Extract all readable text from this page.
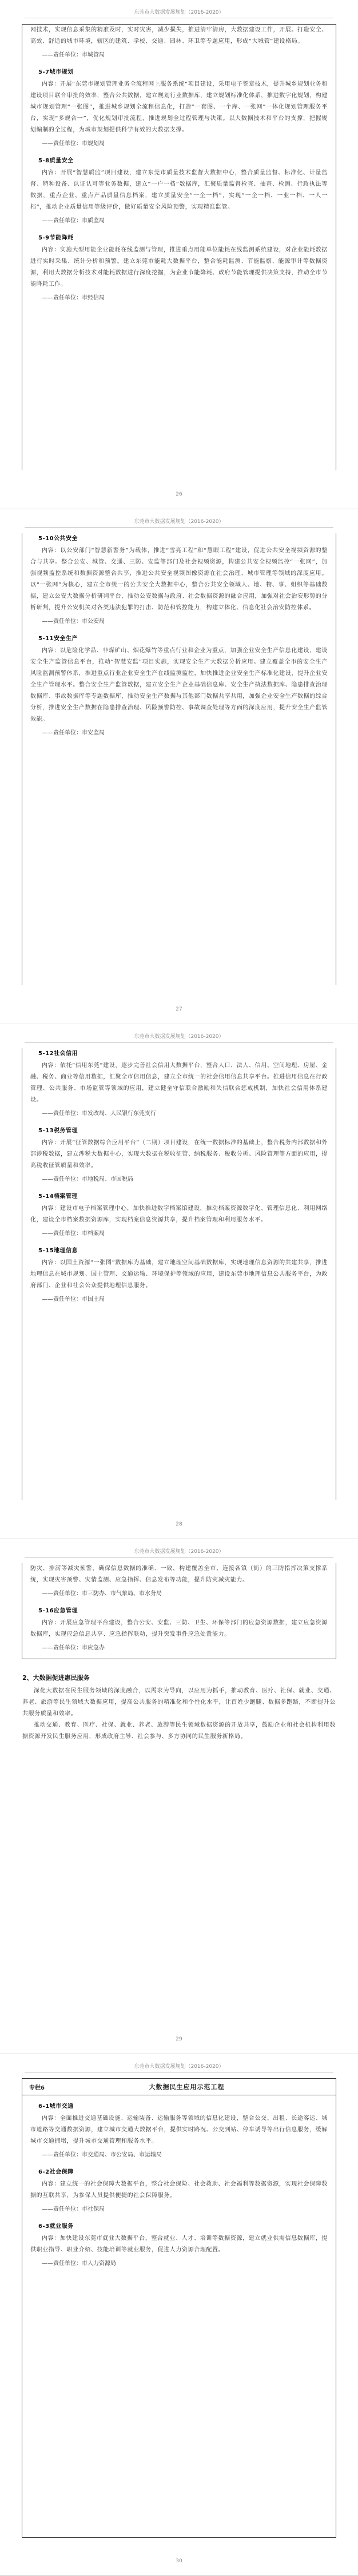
东莞市大数据发展规划（2016-2020）

网技术，实现信息采集的精准及时，实时灾害，减少损失，推进清牢清房，大数据建设工作，开展。打造安全、高效、舒适的城市环境，辖区的建筑、学校、交通、园林、环卫等专题应用，形成“大城管”建设格局。

——责任单位：市城管局
5-7城市规划

内容：开展“东莞市规划管理业务全流程网上服务系统”项目建设，采用电子签章技术，提升城乡规划业务和建设项目联合审批的效率，整合公共数据，建立规划行业数据库，建立规划标准化体系，推进数字化规划，构建城市规划管理“一张图”，推进城乡规划全流程信息化，打造“一套图、一个库、一张网”一体化规划管理服务平台，实现“多规合一”，优化规划审批流程，推进规划全过程管理与决策。以大数据技术和平台的支撑，把握规划编制的全过程，为城市规划提供科学有效的大数据支撑。

——责任单位：市规划局
5-8质量安全

内容：开展“智慧质监”项目建设，建立东莞市质量技术监督大数据中心，整合质量监督、标准化、计量监督、特种设备、认证认可等业务数据，建立“一户一档”数据库，汇聚质量监督检查、抽查、检测、行政执法等数据，重点企业、重点产品质量信息档案，建立质量安全“一企一档”，实现“一企一档、一业一档、一人一档”，推动企业质量信用等级评价，做好质量安全风险预警，实现精准监管。

——责任单位：市质监局
5-9节能降耗

内容：实施大型用能企业能耗在线监测与管理，推进重点用能单位能耗在线监测系统建设，对企业能耗数据进行实时采集、统计分析和预警。建立东莞市能耗大数据平台，整合能耗监测、节能监察、能源审计等数据资源，利用大数据分析技术对能耗数据进行深度挖掘，为企业节能降耗、政府节能管理提供决策支持，推动全市节能降耗工作。

——责任单位：市经信局
26
东莞市大数据发展规划（2016-2020）
5-10公共安全

内容：以公安部门“智慧新警务”为载体，推进“雪亮工程”和“慧眼工程”建设，促进公共安全视频资源的整合与共享。整合公安、城管、交通、三防、安监等部门及社会视频资源，构建公共安全视频监控“一张网”，加强视频监控系统和数据资源整合共享，推进公共安全视频图像资源在社会治理、城市管理等领域的深度应用。以“一张网”为核心，建立全市统一的公共安全大数据中心，整合公共安全领域人、地、物、事、组织等基础数据，建立公安大数据分析研判平台，推动公安数据与政府、社会数据资源的融合应用，加强对社会治安形势的分析研判，提升公安机关对各类违法犯罪的打击、防范和管控能力，构建立体化、信息化社会治安防控体系。

——责任单位：市公安局
5-11安全生产

内容：以危险化学品、非煤矿山、烟花爆竹等重点行业和企业为重点，加强企业安全生产信息化建设，建设安全生产监管信息平台，推动“智慧安监”项目实施，实现安全生产大数据分析应用。建立覆盖全市的安全生产风险监测预警体系，推进重点行业企业安全生产在线监测监控，加快推进企业安全生产标准化建设，提升企业安全生产管理水平。整合安全生产监管数据，建立安全生产企业基础信息库、安全生产执法数据库、隐患排查治理数据库、事故数据库等专题数据库，推动安全生产数据与其他部门数据共享共用，加强企业安全生产数据的综合分析，推进安全生产数据在隐患排查治理、风险预警防控、事故调查处理等方面的深度应用，提升安全生产监管效能。

——责任单位：市安监局
27
东莞市大数据发展规划（2016-2020）
5-12社会信用

内容：依托“信用东莞”建设，逐步完善社会信用大数据平台，整合人口、法人、信用、空间地理、房屋、金融、税务、商业等信用数据，汇聚全市信用信息，建立全市统一的社会信用信息共享平台。推进信用信息在行政管理、公共服务、市场监管等领域的应用，建立健全守信联合激励和失信联合惩戒机制，加快社会信用体系建设。

——责任单位：市发改局、人民银行东莞支行
5-13税务管理

内容：开展“征管数据综合应用平台”（二期）项目建设，在统一数据标准的基础上，整合税务内部数据和外部涉税数据，建立涉税大数据中心，实现大数据在税收征管、纳税服务、税收分析、风险管理等方面的应用，提高税收征管质量和效率。

——责任单位：市地税局、市国税局
5-14档案管理

内容：建设市电子档案管理中心，加快推进数字档案馆建设，推动档案资源数字化、管理信息化、利用网络化，建设全市档案数据资源库，实现档案信息资源共享，提升档案管理和利用服务水平。

——责任单位：市档案局
5-15地理信息

内容：以国土资源“一张图”数据库为基础，建立地理空间基础数据库，实现地理信息资源的共建共享，推进地理信息在城市规划、国土管理、交通运输、环境保护等领域的应用，建设东莞市地理信息公共服务平台，为政府部门、企业和社会公众提供地理信息服务。

——责任单位：市国土局
28
东莞市大数据发展规划（2016-2020）

防灾、排涝等减灾预警，确保信息数据的准确、一致，构建覆盖全市、连接各镇（街）的三防指挥决策支撑系统，实现灾害预警、灾情监测、应急指挥、信息发布等功能，提升防灾减灾能力。

——责任单位：市三防办、市气象局、市水务局
5-16应急管理

内容：开展应急管理平台建设，整合公安、安监、三防、卫生、环保等部门的应急资源数据，建立应急资源数据库，实现应急信息共享、应急指挥联动，提升突发事件应急处置能力。

——责任单位：市应急办
2、大数据促进惠民服务

深化大数据在民生服务领域的深度融合，以需求为导向，以应用为抓手，推动教育、医疗、社保、就业、交通、养老、旅游等民生领域大数据应用，提高公共服务的精准化和个性化水平，让百姓少跑腿、数据多跑路，不断提升公共服务质量和效率。

推动交通、教育、医疗、社保、就业、养老、旅游等民生领域数据资源的开放共享，鼓励企业和社会机构利用数据资源开发民生服务应用，形成政府主导、社会参与、多方协同的民生服务新格局。

29
东莞市大数据发展规划（2016-2020）
专栏6	大数据民生应用示范工程
6-1城市交通

内容：全面推进交通基础设施、运输装备、运输服务等领域的信息化建设，整合公交、出租、长途客运、城市道路等交通数据资源，建立城市交通大数据平台，提供实时路况、公交到站、停车诱导等出行信息服务，缓解城市交通拥堵，提升城市交通管理和服务水平。

——责任单位：市交通局、市公安局、市运输局
6-2社会保障

内容：建立统一的社会保障大数据平台，整合社会保险、社会救助、社会福利等数据资源，实现社会保障数据的互联共享，为参保人员提供便捷的社会保障服务。

——责任单位：市社保局
6-3就业服务

内容：加快建设东莞市就业大数据平台，整合就业、人才、培训等数据资源，建立就业供需信息数据库，提供职业指导、职业介绍、技能培训等就业服务，促进人力资源合理配置。

——责任单位：市人力资源局
30
